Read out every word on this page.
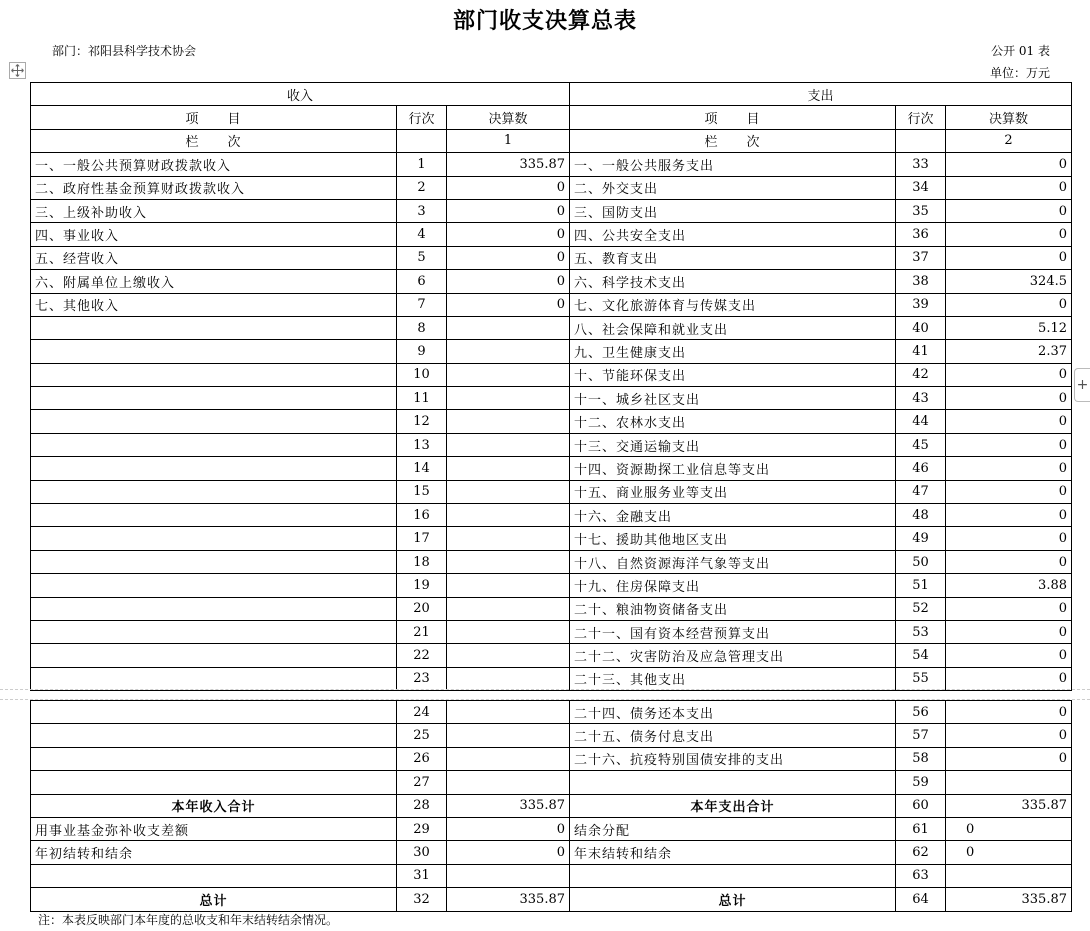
部门收支决算总表
部门：祁阳县科学技术协会	公开 01 表
单位：万元
+
收入			支出		
项　　目	行次	决算数	项　　目	行次	决算数
栏　　次		1	栏　　次		2
一、一般公共预算财政拨款收入	1	335.87	一、一般公共服务支出	33	0
二、政府性基金预算财政拨款收入	2	0	二、外交支出	34	0
三、上级补助收入	3	0	三、国防支出	35	0
四、事业收入	4	0	四、公共安全支出	36	0
五、经营收入	5	0	五、教育支出	37	0
六、附属单位上缴收入	6	0	六、科学技术支出	38	324.5
七、其他收入	7	0	七、文化旅游体育与传媒支出	39	0
	8		八、社会保障和就业支出	40	5.12
	9		九、卫生健康支出	41	2.37
	10		十、节能环保支出	42	0
	11		十一、城乡社区支出	43	0
	12		十二、农林水支出	44	0
	13		十三、交通运输支出	45	0
	14		十四、资源勘探工业信息等支出	46	0
	15		十五、商业服务业等支出	47	0
	16		十六、金融支出	48	0
	17		十七、援助其他地区支出	49	0
	18		十八、自然资源海洋气象等支出	50	0
	19		十九、住房保障支出	51	3.88
	20		二十、粮油物资储备支出	52	0
	21		二十一、国有资本经营预算支出	53	0
	22		二十二、灾害防治及应急管理支出	54	0
	23		二十三、其他支出	55	0
	24		二十四、债务还本支出	56	0
	25		二十五、债务付息支出	57	0
	26		二十六、抗疫特别国债安排的支出	58	0
	27			59	
本年收入合计	28	335.87	本年支出合计	60	335.87
用事业基金弥补收支差额	29	0	结余分配	61	0
年初结转和结余	30	0	年末结转和结余	62	0
	31			63	
总计	32	335.87	总计	64	335.87
注：本表反映部门本年度的总收支和年末结转结余情况。
